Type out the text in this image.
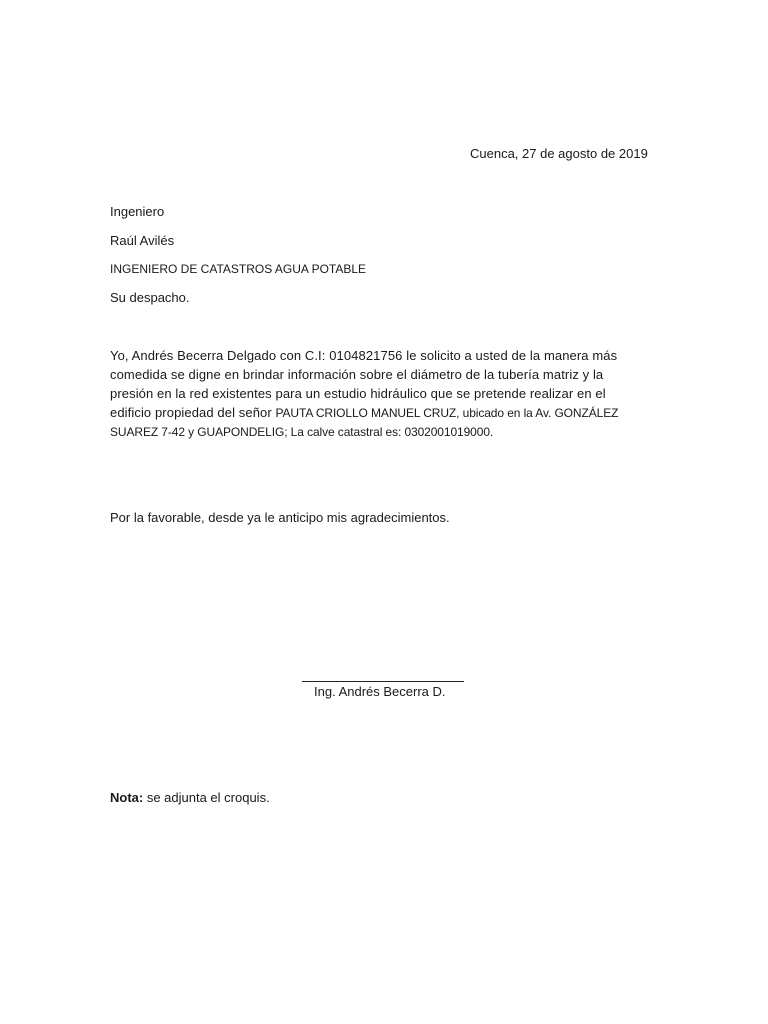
Cuenca, 27 de agosto de 2019
Ingeniero
Raúl Avilés
INGENIERO DE CATASTROS AGUA POTABLE
Su despacho.
Yo, Andrés Becerra Delgado con C.I: 0104821756 le solicito a usted de la manera más
comedida se digne en brindar información sobre el diámetro de la tubería matriz y la
presión en la red existentes para un estudio hidráulico que se pretende realizar en el
edificio propiedad del señor PAUTA CRIOLLO MANUEL CRUZ, ubicado en la Av. GONZÁLEZ
SUAREZ 7-42 y GUAPONDELIG; La calve catastral es: 0302001019000.
Por la favorable, desde ya le anticipo mis agradecimientos.
Ing. Andrés Becerra D.
Nota: se adjunta el croquis.
